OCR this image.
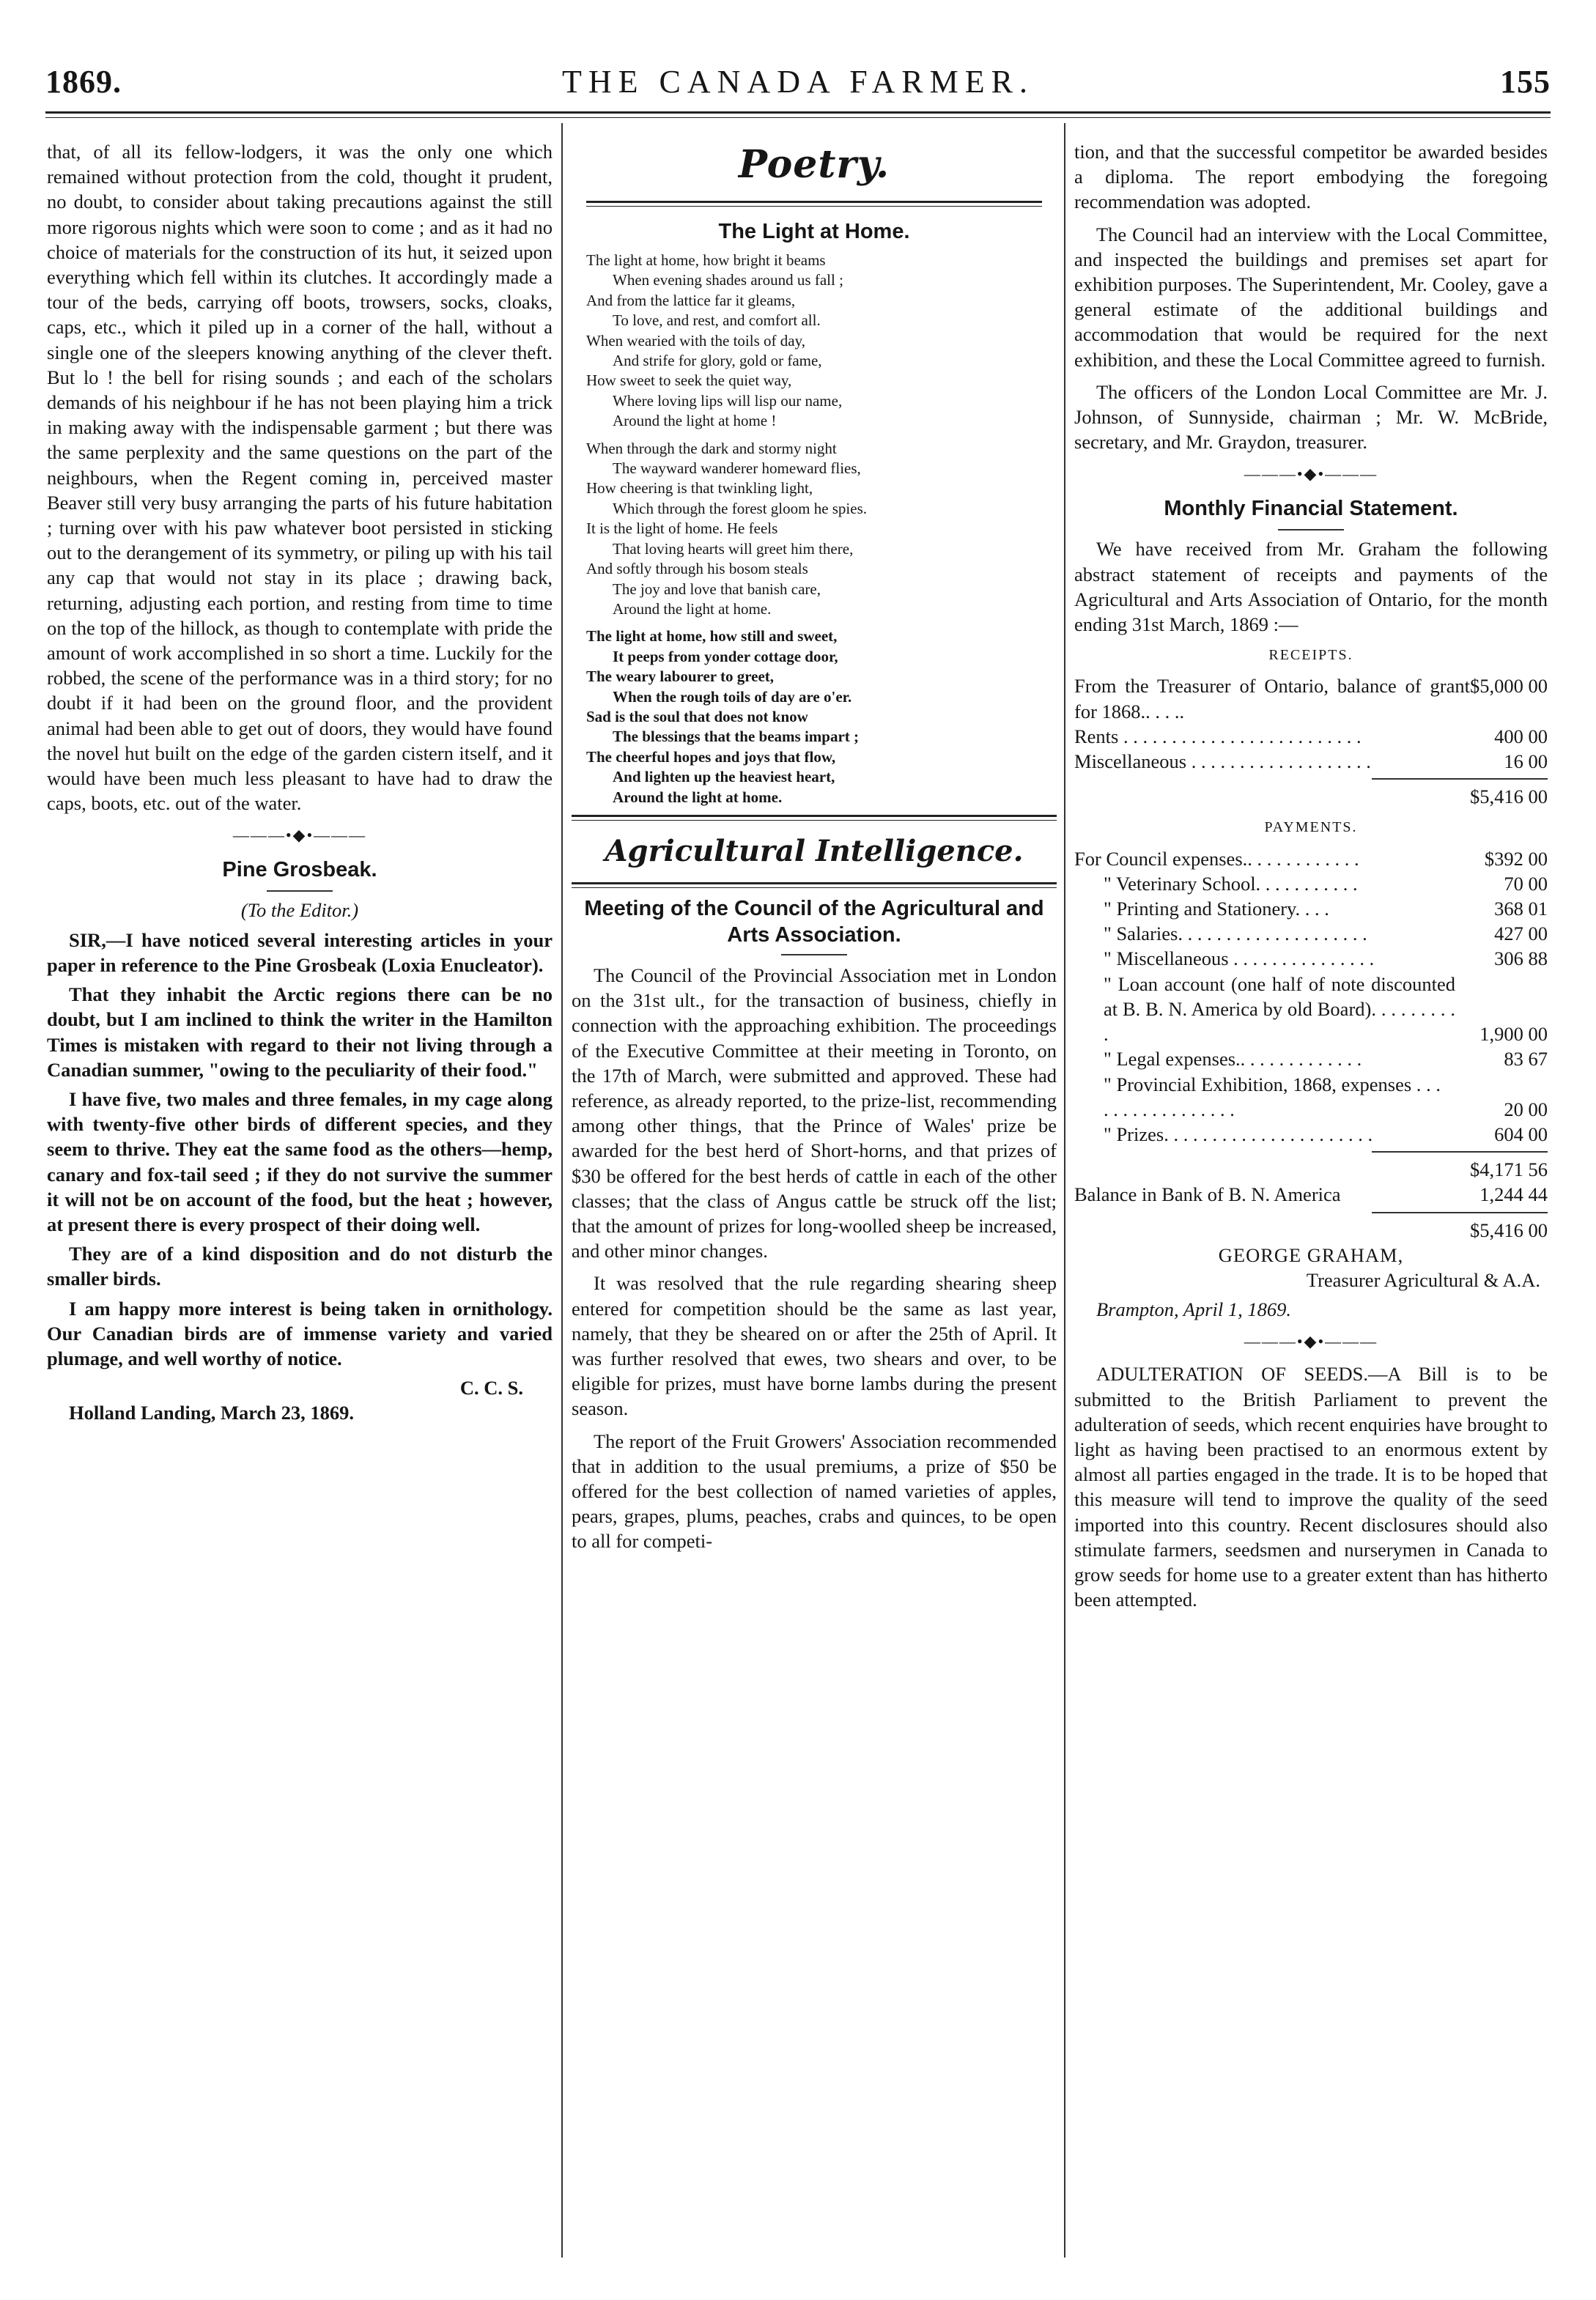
1869.	THE CANADA FARMER.	155

that, of all its fellow-lodgers, it was the only one which remained without protection from the cold, thought it prudent, no doubt, to consider about taking precautions against the still more rigorous nights which were soon to come ; and as it had no choice of materials for the construction of its hut, it seized upon everything which fell within its clutches. It accordingly made a tour of the beds, carrying off boots, trowsers, socks, cloaks, caps, etc., which it piled up in a corner of the hall, without a single one of the sleepers knowing anything of the clever theft. But lo ! the bell for rising sounds ; and each of the scholars demands of his neighbour if he has not been playing him a trick in making away with the indispensable garment ; but there was the same perplexity and the same questions on the part of the neighbours, when the Regent coming in, perceived master Beaver still very busy arranging the parts of his future habitation ; turning over with his paw whatever boot persisted in sticking out to the derangement of its symmetry, or piling up with his tail any cap that would not stay in its place ; drawing back, returning, adjusting each portion, and resting from time to time on the top of the hillock, as though to contemplate with pride the amount of work accomplished in so short a time. Luckily for the robbed, the scene of the performance was in a third story; for no doubt if it had been on the ground floor, and the provident animal had been able to get out of doors, they would have found the novel hut built on the edge of the garden cistern itself, and it would have been much less pleasant to have had to draw the caps, boots, etc. out of the water.

———•◆•———
Pine Grosbeak.

(To the Editor.)

SIR,—I have noticed several interesting articles in your paper in reference to the Pine Grosbeak (Loxia Enucleator).

That they inhabit the Arctic regions there can be no doubt, but I am inclined to think the writer in the Hamilton Times is mistaken with regard to their not living through a Canadian summer, "owing to the peculiarity of their food."

I have five, two males and three females, in my cage along with twenty-five other birds of different species, and they seem to thrive. They eat the same food as the others—hemp, canary and fox-tail seed ; if they do not survive the summer it will not be on account of the food, but the heat ; however, at present there is every prospect of their doing well.

They are of a kind disposition and do not disturb the smaller birds.

I am happy more interest is being taken in ornithology. Our Canadian birds are of immense variety and varied plumage, and well worthy of notice.

C. C. S.

Holland Landing, March 23, 1869.

Poetry.
The Light at Home.
The light at home, how bright it beams
When evening shades around us fall ;
And from the lattice far it gleams,
To love, and rest, and comfort all.
When wearied with the toils of day,
And strife for glory, gold or fame,
How sweet to seek the quiet way,
Where loving lips will lisp our name,
Around the light at home !
When through the dark and stormy night
The wayward wanderer homeward flies,
How cheering is that twinkling light,
Which through the forest gloom he spies.
It is the light of home. He feels
That loving hearts will greet him there,
And softly through his bosom steals
The joy and love that banish care,
Around the light at home.
The light at home, how still and sweet,
It peeps from yonder cottage door,
The weary labourer to greet,
When the rough toils of day are o'er.
Sad is the soul that does not know
The blessings that the beams impart ;
The cheerful hopes and joys that flow,
And lighten up the heaviest heart,
Around the light at home.
Agricultural Intelligence.
Meeting of the Council of the Agricultural and Arts Association.

The Council of the Provincial Association met in London on the 31st ult., for the transaction of business, chiefly in connection with the approaching exhibition. The proceedings of the Executive Committee at their meeting in Toronto, on the 17th of March, were submitted and approved. These had reference, as already reported, to the prize-list, recommending among other things, that the Prince of Wales' prize be awarded for the best herd of Short-horns, and that prizes of $30 be offered for the best herds of cattle in each of the other classes; that the class of Angus cattle be struck off the list; that the amount of prizes for long-woolled sheep be increased, and other minor changes.

It was resolved that the rule regarding shearing sheep entered for competition should be the same as last year, namely, that they be sheared on or after the 25th of April. It was further resolved that ewes, two shears and over, to be eligible for prizes, must have borne lambs during the present season.

The report of the Fruit Growers' Association recommended that in addition to the usual premiums, a prize of $50 be offered for the best collection of named varieties of apples, pears, grapes, plums, peaches, crabs and quinces, to be open to all for competi-

tion, and that the successful competitor be awarded besides a diploma. The report embodying the foregoing recommendation was adopted.

The Council had an interview with the Local Committee, and inspected the buildings and premises set apart for exhibition purposes. The Superintendent, Mr. Cooley, gave a general estimate of the additional buildings and accommodation that would be required for the next exhibition, and these the Local Committee agreed to furnish.

The officers of the London Local Committee are Mr. J. Johnson, of Sunnyside, chairman ; Mr. W. McBride, secretary, and Mr. Graydon, treasurer.

———•◆•———
Monthly Financial Statement.

We have received from Mr. Graham the following abstract statement of receipts and payments of the Agricultural and Arts Association of Ontario, for the month ending 31st March, 1869 :—

RECEIPTS.
From the Treasurer of Ontario, balance of grant for 1868.. . . ..
$5,000 00
Rents . . . . . . . . . . . . . . . . . . . . . . . . .	400 00
Miscellaneous . . . . . . . . . . . . . . . . . . .	16 00
$5,416 00
PAYMENTS.
For Council expenses.. . . . . . . . . . . .	$392 00
" Veterinary School. . . . . . . . . . .	70 00
" Printing and Stationery. . . .	368 01
" Salaries. . . . . . . . . . . . . . . . . . . .	427 00
" Miscellaneous . . . . . . . . . . . . . . .	306 88
" Loan account (one half of note discounted at B. B. N. America by old Board). . . . . . . . . .	1,900 00
" Legal expenses.. . . . . . . . . . . . .	83 67
" Provincial Exhibition, 1868, expenses . . . . . . . . . . . . . . . . .	20 00
" Prizes. . . . . . . . . . . . . . . . . . . . . .	604 00
$4,171 56
Balance in Bank of B. N. America	1,244 44
$5,416 00

GEORGE GRAHAM,

Treasurer Agricultural & A.A.

Brampton, April 1, 1869.

———•◆•———

ADULTERATION OF SEEDS.—A Bill is to be submitted to the British Parliament to prevent the adulteration of seeds, which recent enquiries have brought to light as having been practised to an enormous extent by almost all parties engaged in the trade. It is to be hoped that this measure will tend to improve the quality of the seed imported into this country. Recent disclosures should also stimulate farmers, seedsmen and nurserymen in Canada to grow seeds for home use to a greater extent than has hitherto been attempted.
